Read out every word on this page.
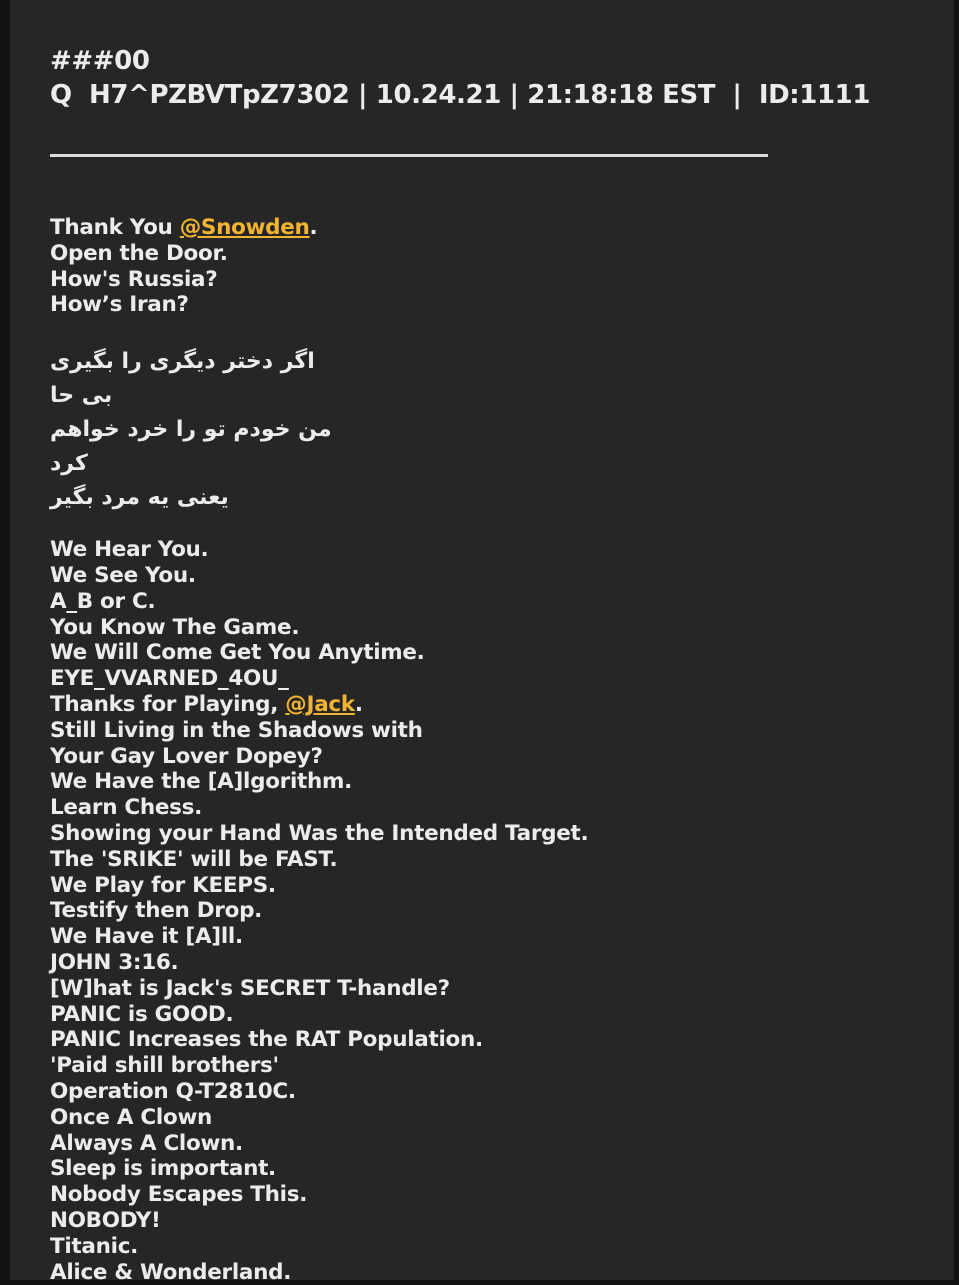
###00
Q  H7^PZBVTpZ7302 | 10.24.21 | 21:18:18 EST  |  ID:1111
Thank You @Snowden.
Open the Door.
How's Russia?
How’s Iran?
اگر دختر دیگری را بگیری بی حا
من خودم تو را خرد خواهم کرد
یعنی یه مرد بگیر
We Hear You.
We See You.
A_B or C.
You Know The Game.
We Will Come Get You Anytime.
EYE_VVARNED_4OU_
Thanks for Playing, @Jack.
Still Living in the Shadows with
Your Gay Lover Dopey?
We Have the [A]lgorithm.
Learn Chess.
Showing your Hand Was the Intended Target.
The 'SRIKE' will be FAST.
We Play for KEEPS.
Testify then Drop.
We Have it [A]ll.
JOHN 3:16.
[W]hat is Jack's SECRET T-handle?
PANIC is GOOD.
PANIC Increases the RAT Population.
'Paid shill brothers'
Operation Q-T2810C.
Once A Clown
Always A Clown.
Sleep is important.
Nobody Escapes This.
NOBODY!
Titanic.
Alice & Wonderland.
